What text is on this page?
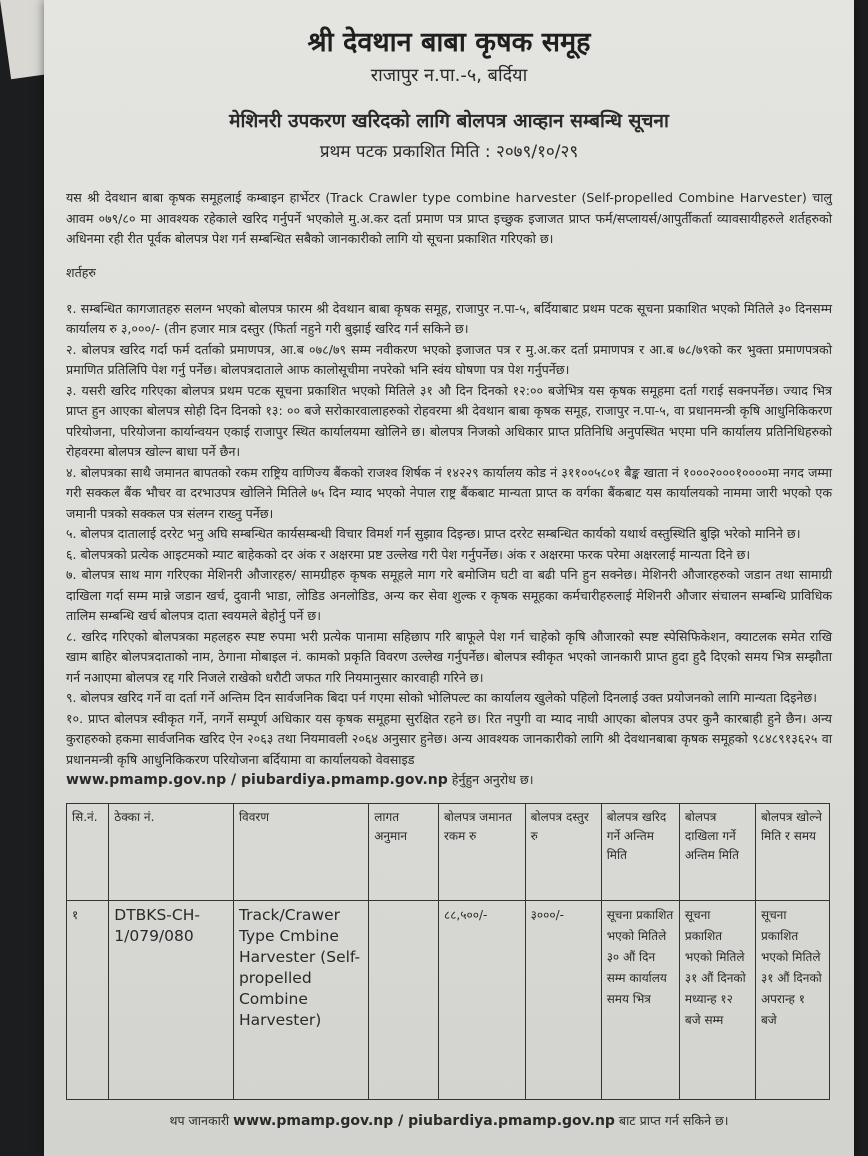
श्री देवथान बाबा कृषक समूह
राजापुर न.पा.-५, बर्दिया
मेशिनरी उपकरण खरिदको लागि बोलपत्र आव्हान सम्बन्धि सूचना
प्रथम पटक प्रकाशित मिति : २०७९/१०/२९

यस श्री देवथान बाबा कृषक समूहलाई कम्बाइन हार्भेटर (Track Crawler type combine harvester (Self-propelled Combine Harvester) चालु आवम ०७९/८० मा आवश्यक रहेकाले खरिद गर्नुपर्ने भएकोले मु.अ.कर दर्ता प्रमाण पत्र प्राप्त इच्छुक इजाजत प्राप्त फर्म/सप्लायर्स/आपुर्तीकर्ता व्यावसायीहरुले शर्तहरुको अधिनमा रही रीत पूर्वक बोलपत्र पेश गर्न सम्बन्धित सबैको जानकारीको लागि यो सूचना प्रकाशित गरिएको छ।

शर्तहरु

१. सम्बन्धित कागजातहरु सलग्न भएको बोलपत्र फारम श्री देवथान बाबा कृषक समूह, राजापुर न.पा-५, बर्दियाबाट प्रथम पटक सूचना प्रकाशित भएको मितिले ३० दिनसम्म कार्यालय रु ३,०००/- (तीन हजार मात्र दस्तुर (फिर्ता नहुने गरी बुझाई खरिद गर्न सकिने छ।

२. बोलपत्र खरिद गर्दा फर्म दर्ताको प्रमाणपत्र, आ.ब ०७८/७९ सम्म नवीकरण भएको इजाजत पत्र र मु.अ.कर दर्ता प्रमाणपत्र र आ.ब ७८/७९को कर भुक्ता प्रमाणपत्रको प्रमाणित प्रतिलिपि पेश गर्नु पर्नेछ। बोलपत्रदाताले आफ कालोसूचीमा नपरेको भनि स्वंय घोषणा पत्र पेश गर्नुपर्नेछ।

३. यसरी खरिद गरिएका बोलपत्र प्रथम पटक सूचना प्रकाशित भएको मितिले ३१ औ दिन दिनको १२:०० बजेभित्र यस कृषक समूहमा दर्ता गराई सक्नपर्नेछ। ज्याद भित्र प्राप्त हुन आएका बोलपत्र सोही दिन दिनको १३: ०० बजे सरोकारवालाहरुको रोहवरमा श्री देवथान बाबा कृषक समूह, राजापुर न.पा-५, वा प्रधानमन्त्री कृषि आधुनिकिकरण परियोजना, परियोजना कार्यान्वयन एकाई राजापुर स्थित कार्यालयमा खोलिने छ। बोलपत्र निजको अधिकार प्राप्त प्रतिनिधि अनुपस्थित भएमा पनि कार्यालय प्रतिनिधिहरुको रोहवरमा बोलपत्र खोल्न बाधा पर्ने छैन।

४. बोलपत्रका साथै जमानत बापतको रकम राष्ट्रिय वाणिज्य बैंकको राजश्व शिर्षक नं १४२२९ कार्यालय कोड नं ३११००५८०१ बैङ्क खाता नं १०००२०००१००००मा नगद जम्मा गरी सक्कल बैंक भौचर वा दरभाउपत्र खोलिने मितिले ७५ दिन म्याद भएको नेपाल राष्ट्र बैंकबाट मान्यता प्राप्त क वर्गका बैंकबाट यस कार्यालयको नाममा जारी भएको एक जमानी पत्रको सक्कल पत्र संलग्न राख्नु पर्नेछ।

५. बोलपत्र दातालाई दररेट भनु अघि सम्बन्धित कार्यसम्बन्धी विचार विमर्श गर्न सुझाव दिइन्छ। प्राप्त दररेट सम्बन्धित कार्यको यथार्थ वस्तुस्थिति बुझि भरेको मानिने छ।

६. बोलपत्रको प्रत्येक आइटमको म्याट बाहेकको दर अंक र अक्षरमा प्रष्ट उल्लेख गरी पेश गर्नुपर्नेछ। अंक र अक्षरमा फरक परेमा अक्षरलाई मान्यता दिने छ।

७. बोलपत्र साथ माग गरिएका मेशिनरी औजारहरु/ सामग्रीहरु कृषक समूहले माग गरे बमोजिम घटी वा बढी पनि हुन सक्नेछ। मेशिनरी औजारहरुको जडान तथा सामाग्री दाखिला गर्दा सम्म मान्ने जडान खर्च, दुवानी भाडा, लोडिड अनलोडिड, अन्य कर सेवा शुल्क र कृषक समूहका कर्मचारीहरुलाई मेशिनरी औजार संचालन सम्बन्धि प्राविधिक तालिम सम्बन्धि खर्च बोलपत्र दाता स्वयमले बेहोर्नु पर्ने छ।

८. खरिद गरिएको बोलपत्रका महलहरु स्पष्ट रुपमा भरी प्रत्येक पानामा सहिछाप गरि बाफूले पेश गर्न चाहेको कृषि औजारको स्पष्ट स्पेसिफिकेशन, क्याटलक समेत राखि खाम बाहिर बोलपत्रदाताको नाम, ठेगाना मोबाइल नं. कामको प्रकृति विवरण उल्लेख गर्नुपर्नेछ। बोलपत्र स्वीकृत भएको जानकारी प्राप्त हुदा हुदै दिएको समय भित्र सम्झौता गर्न नआएमा बोलपत्र रद्द गरि निजले राखेको धरौटी जफत गरि नियमानुसार कारवाही गरिने छ।

९. बोलपत्र खरिद गर्ने वा दर्ता गर्ने अन्तिम दिन सार्वजनिक बिदा पर्न गएमा सोको भोलिपल्ट का कार्यालय खुलेको पहिलो दिनलाई उक्त प्रयोजनको लागि मान्यता दिइनेछ।

१०. प्राप्त बोलपत्र स्वीकृत गर्ने, नगर्ने सम्पूर्ण अधिकार यस कृषक समूहमा सुरक्षित रहने छ। रित नपुगी वा म्याद नाघी आएका बोलपत्र उपर कुनै कारबाही हुने छैन। अन्य कुराहरुको हकमा सार्वजनिक खरिद ऐन २०६३ तथा नियमावली २०६४ अनुसार हुनेछ। अन्य आवश्यक जानकारीको लागि श्री देवथानबाबा कृषक समूहको ९८४८९१३६२५ वा प्रधानमन्त्री कृषि आधुनिकिकरण परियोजना बर्दियामा वा कार्यालयको वेवसाइड

www.pmamp.gov.np / piubardiya.pmamp.gov.np हेर्नुहुन अनुरोध छ।
सि.नं.	ठेक्का नं.	विवरण	लागत अनुमान	बोलपत्र जमानत रकम रु	बोलपत्र दस्तुर रु	बोलपत्र खरिद गर्ने अन्तिम मिति	बोलपत्र दाखिला गर्ने अन्तिम मिति	बोलपत्र खोल्ने मिति र समय
१	DTBKS-CH-1/079/080	Track/Crawer Type Cmbine Harvester (Self-propelled Combine Harvester)		८८,५००/-	३०००/-	सूचना प्रकाशित भएको मितिले ३० औं दिन सम्म कार्यालय समय भित्र	सूचना प्रकाशित भएको मितिले ३१ औं दिनको मध्यान्ह १२ बजे सम्म	सूचना प्रकाशित भएको मितिले ३१ औं दिनको अपरान्ह १ बजे
थप जानकारी www.pmamp.gov.np / piubardiya.pmamp.gov.np बाट प्राप्त गर्न सकिने छ।
